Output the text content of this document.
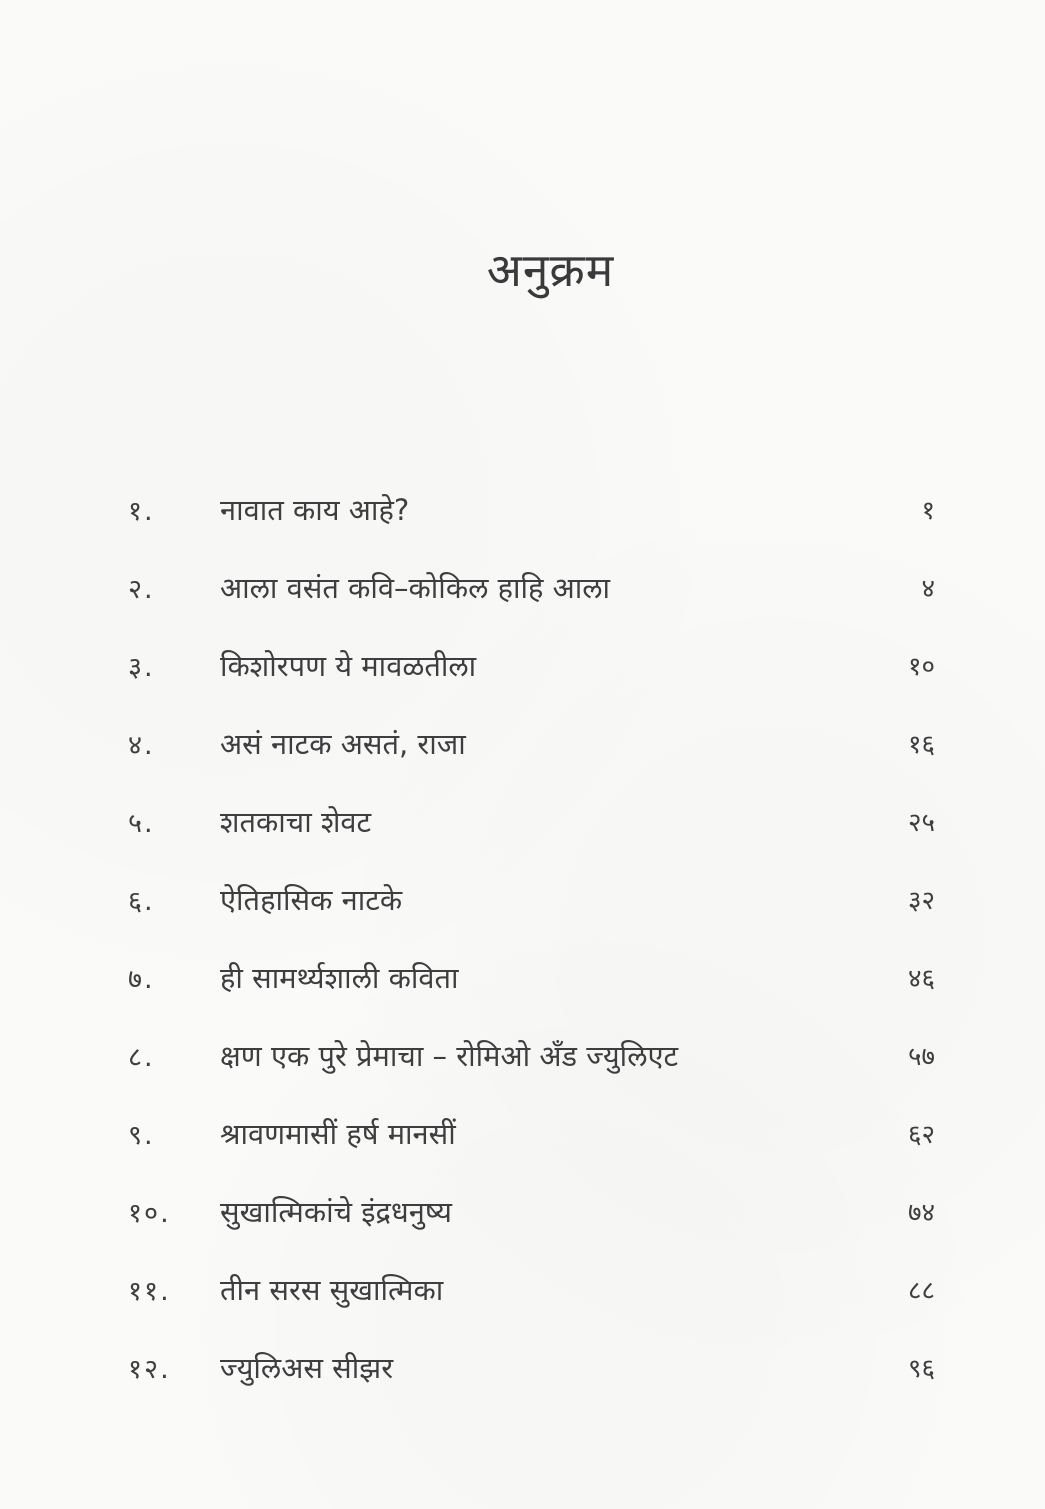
अनुक्रम
१.	नावात काय आहे?	१
२.	आला वसंत कवि–कोकिल हाहि आला	४
३.	किशोरपण ये मावळतीला	१०
४.	असं नाटक असतं, राजा	१६
५.	शतकाचा शेवट	२५
६.	ऐतिहासिक नाटके	३२
७.	ही सामर्थ्यशाली कविता	४६
८.	क्षण एक पुरे प्रेमाचा – रोमिओ अँड ज्युलिएट	५७
९.	श्रावणमासीं हर्ष मानसीं	६२
१०.	सुखात्मिकांचे इंद्रधनुष्य	७४
११.	तीन सरस सुखात्मिका	८८
१२.	ज्युलिअस सीझर	९६
